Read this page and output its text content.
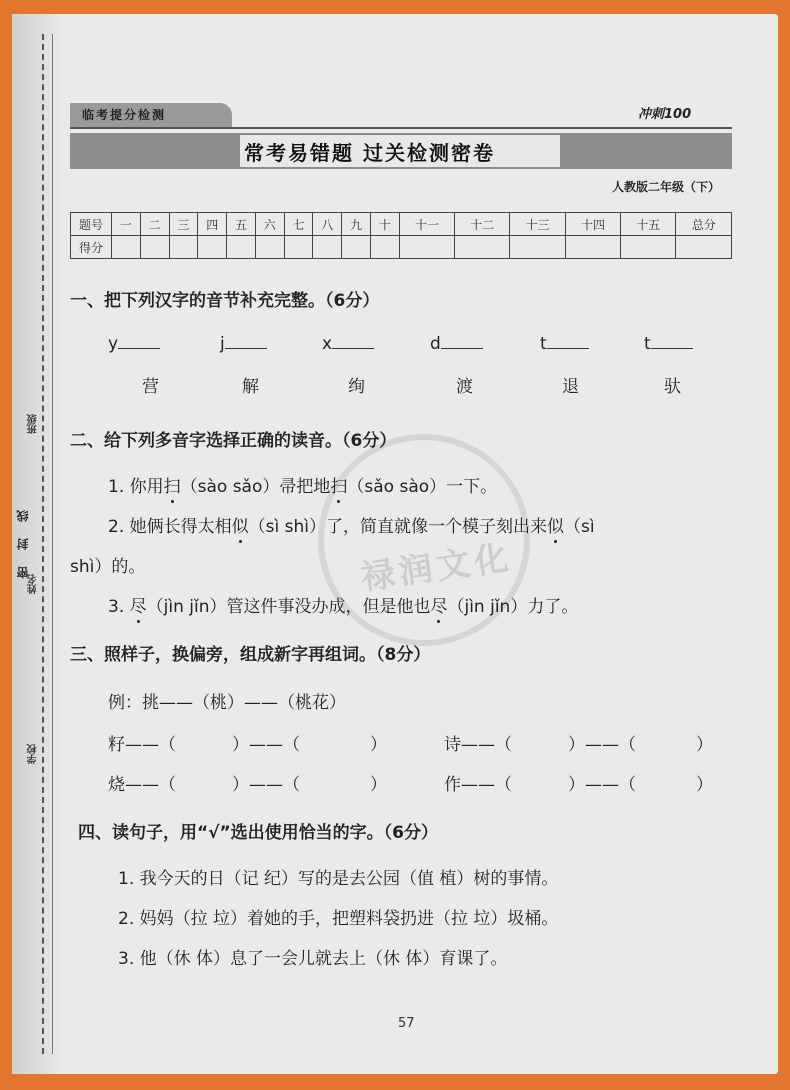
班级
姓名
学校
密 封 线
临考提分检测	冲刺100
常考易错题 过关检测密卷
人教版二年级（下）
题号	一	二	三	四	五	六	七	八	九	十	十一	十二	十三	十四	十五	总分
得分																
禄润文化
一、把下列汉字的音节补充完整。（6分）
y	j	x	d	t	t
营	解	绚	渡	退	驮
二、给下列多音字选择正确的读音。（6分）
1. 你用扫（sào sǎo）帚把地扫（sǎo sào）一下。
2. 她俩长得太相似（sì shì）了，简直就像一个模子刻出来似（sì
shì）的。
3. 尽（jìn jǐn）管这件事没办成，但是他也尽（jìn jǐn）力了。
三、照样子，换偏旁，组成新字再组词。（8分）
例：挑——（桃）——（桃花）
籽——（	）——（	）	诗——（	）——（	）
烧——（	）——（	）	作——（	）——（	）
四、读句子，用“√”选出使用恰当的字。（6分）
1. 我今天的日（记 纪）写的是去公园（值 植）树的事情。
2. 妈妈（拉 垃）着她的手，把塑料袋扔进（拉 垃）圾桶。
3. 他（休 体）息了一会儿就去上（休 体）育课了。
57
